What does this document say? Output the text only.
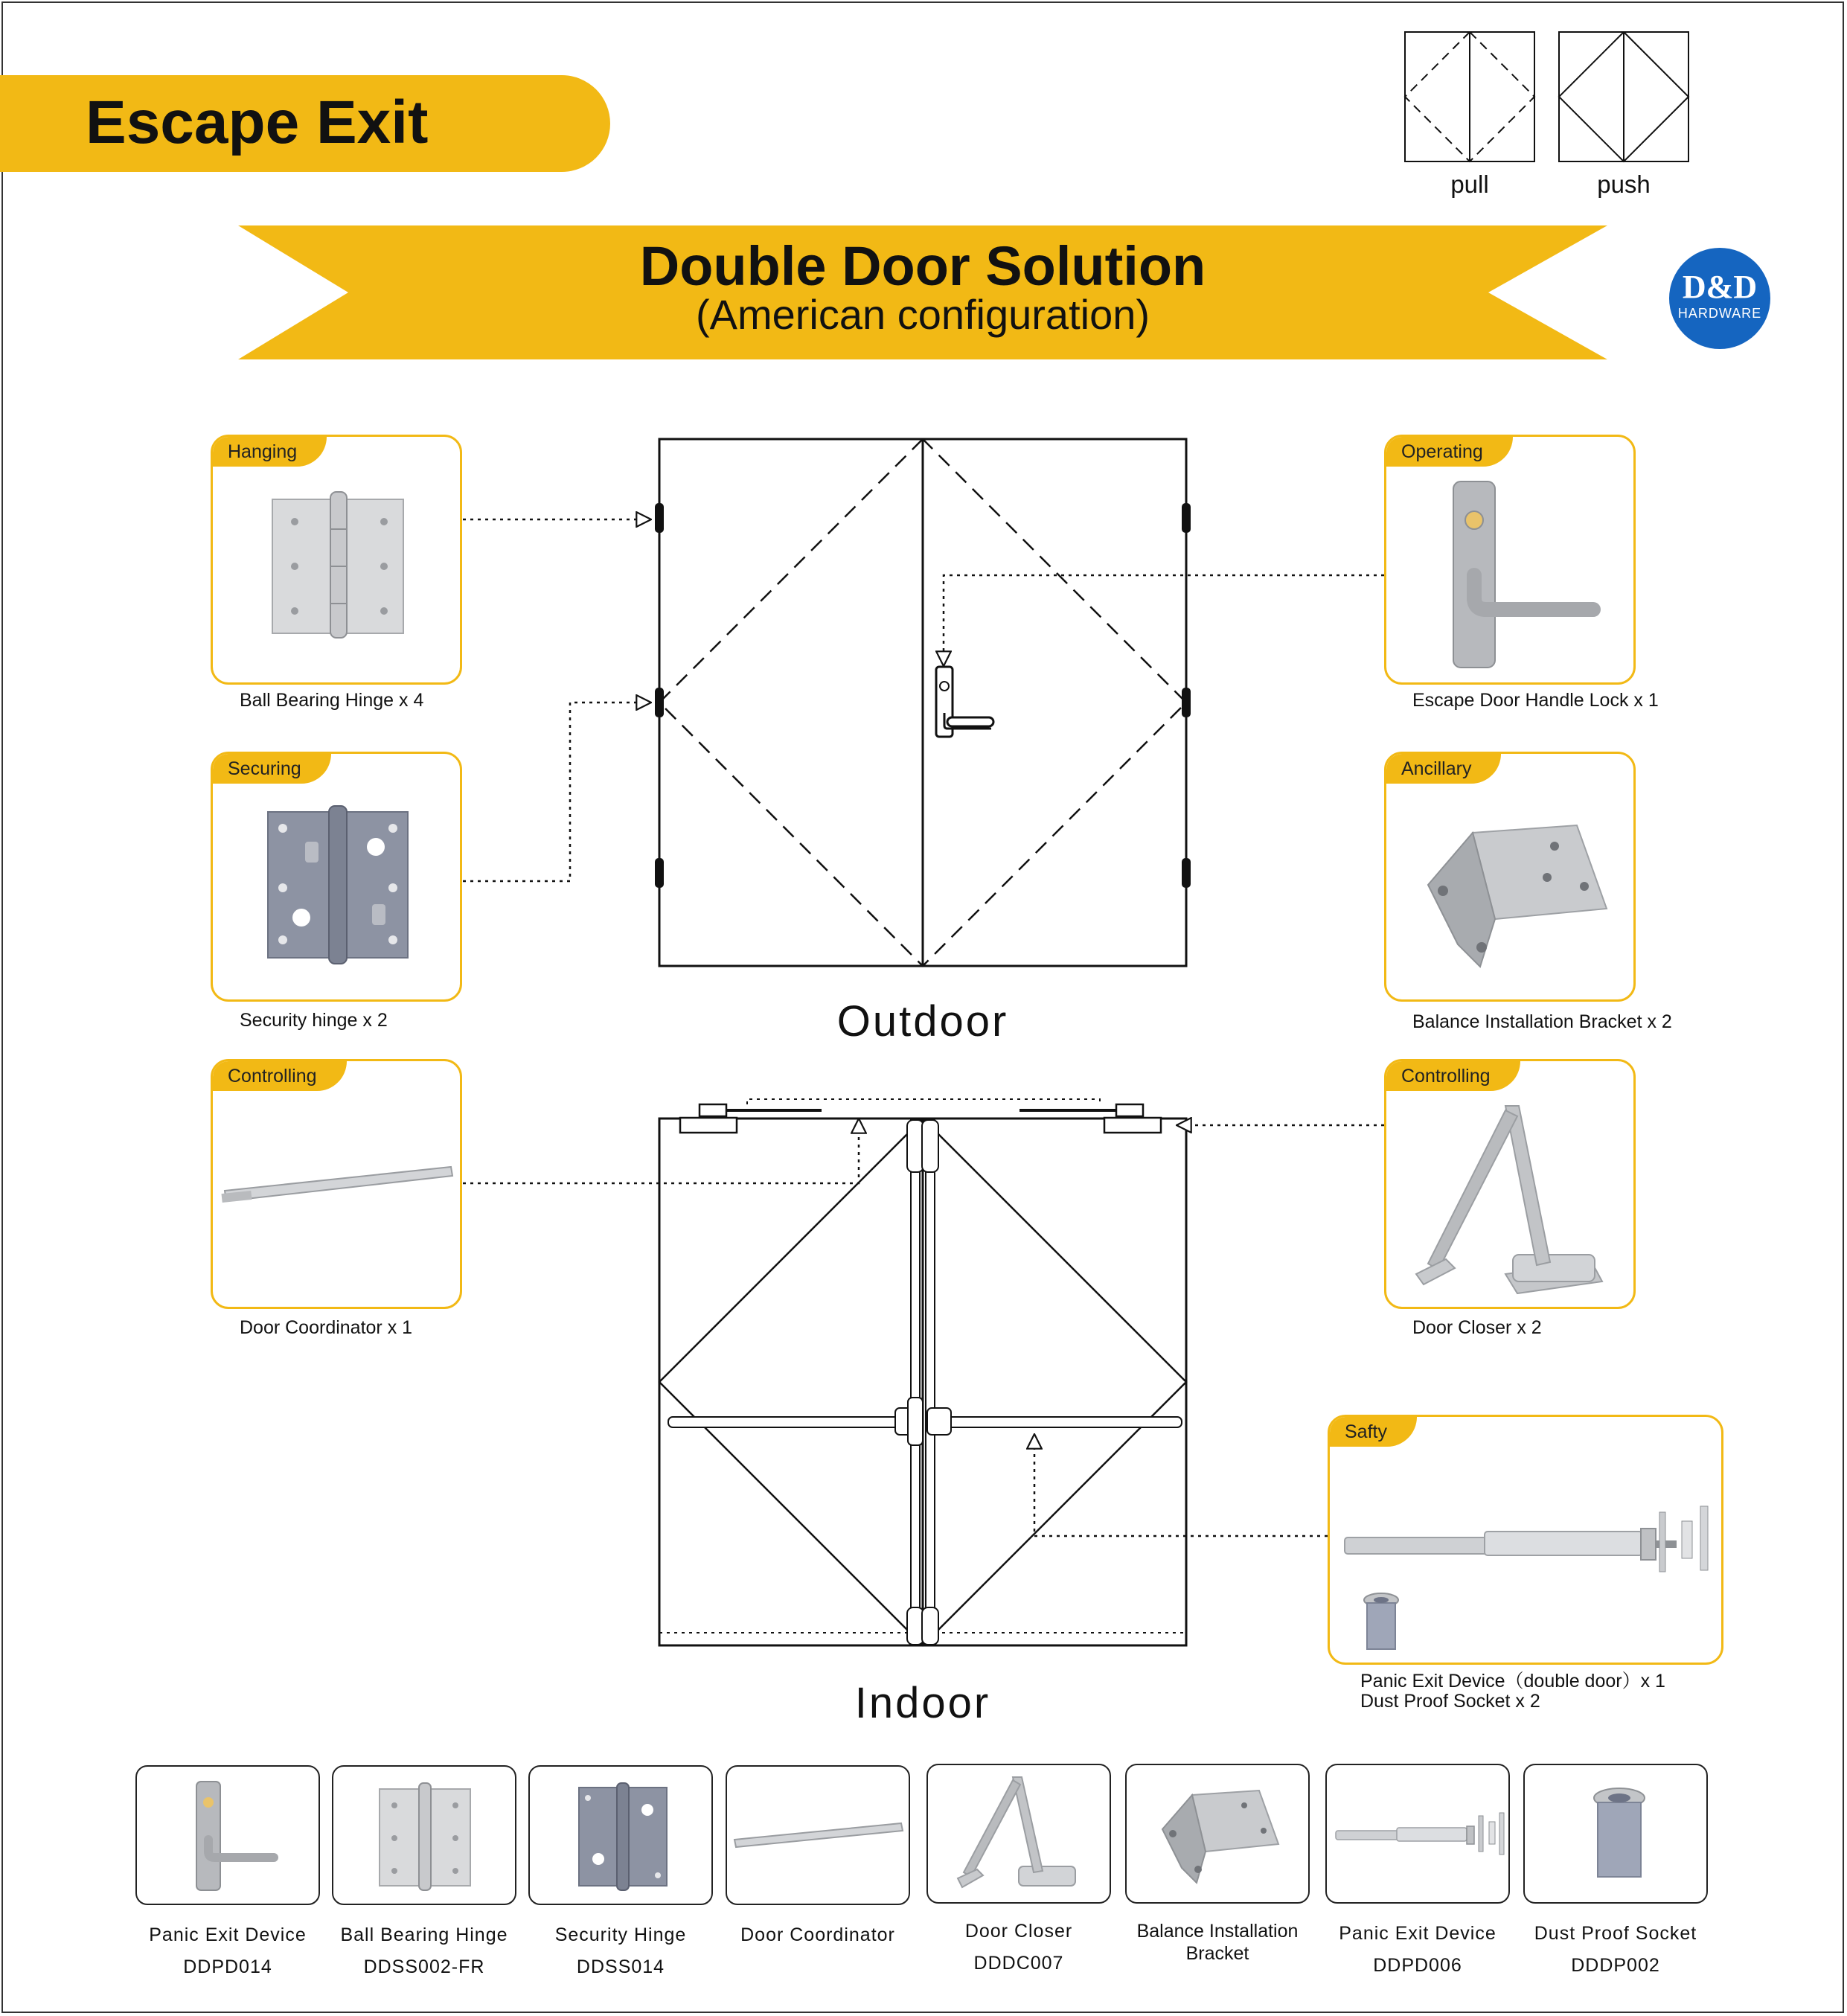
Escape Exit
pull	push
Double Door Solution
(American configuration)
D&D
HARDWARE
Outdoor
Indoor
Hanging
Ball Bearing Hinge x 4
Securing
Security hinge x 2
Controlling
Door Coordinator x 1
Operating
Escape Door Handle Lock x 1
Ancillary
Balance Installation Bracket x 2
Controlling
Door Closer x 2
Safty
Panic Exit Device（double door）x 1
Dust Proof Socket x 2
Panic Exit Device
DDPD014
Ball Bearing Hinge
DDSS002-FR
Security Hinge
DDSS014
Door Coordinator	Door Closer
DDDC007
Balance Installation Bracket
Panic Exit Device
DDPD006
Dust Proof Socket
DDDP002
